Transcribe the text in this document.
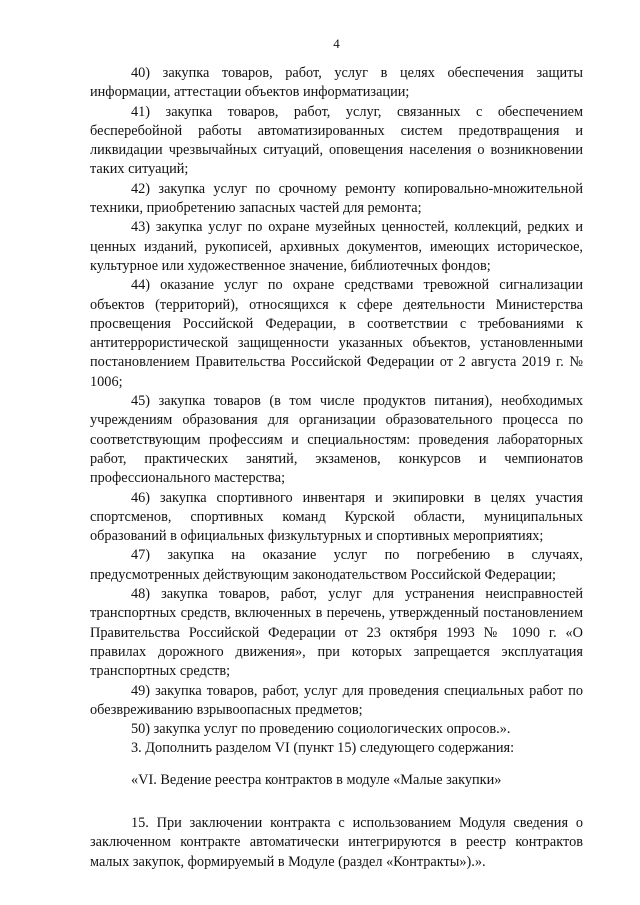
4

40) закупка товаров, работ, услуг в целях обеспечения защиты информации, аттестации объектов информатизации;

41) закупка товаров, работ, услуг, связанных с обеспечением бесперебойной работы автоматизированных систем предотвращения и ликвидации чрезвычайных ситуаций, оповещения населения о возникновении таких ситуаций;

42) закупка услуг по срочному ремонту копировально-множительной техники, приобретению запасных частей для ремонта;

43) закупка услуг по охране музейных ценностей, коллекций, редких и ценных изданий, рукописей, архивных документов, имеющих историческое, культурное или художественное значение, библиотечных фондов;

44) оказание услуг по охране средствами тревожной сигнализации объектов (территорий), относящихся к сфере деятельности Министерства просвещения Российской Федерации, в соответствии с требованиями к антитеррористической защищенности указанных объектов, установленными постановлением Правительства Российской Федерации от 2 августа 2019 г. № 1006;

45) закупка товаров (в том числе продуктов питания), необходимых учреждениям образования для организации образовательного процесса по соответствующим профессиям и специальностям: проведения лабораторных работ, практических занятий, экзаменов, конкурсов и чемпионатов профессионального мастерства;

46) закупка спортивного инвентаря и экипировки в целях участия спортсменов, спортивных команд Курской области, муниципальных образований в официальных физкультурных и спортивных мероприятиях;

47) закупка на оказание услуг по погребению в случаях, предусмотренных действующим законодательством Российской Федерации;

48) закупка товаров, работ, услуг для устранения неисправностей транспортных средств, включенных в перечень, утвержденный постановлением Правительства Российской Федерации от 23 октября 1993 № 1090 г. «О правилах дорожного движения», при которых запрещается эксплуатация транспортных средств;

49) закупка товаров, работ, услуг для проведения специальных работ по обезвреживанию взрывоопасных предметов;

50) закупка услуг по проведению социологических опросов.».

3. Дополнить разделом VI (пункт 15) следующего содержания:

«VI. Ведение реестра контрактов в модуле «Малые закупки»

15. При заключении контракта с использованием Модуля сведения о заключенном контракте автоматически интегрируются в реестр контрактов малых закупок, формируемый в Модуле (раздел «Контракты»).».
